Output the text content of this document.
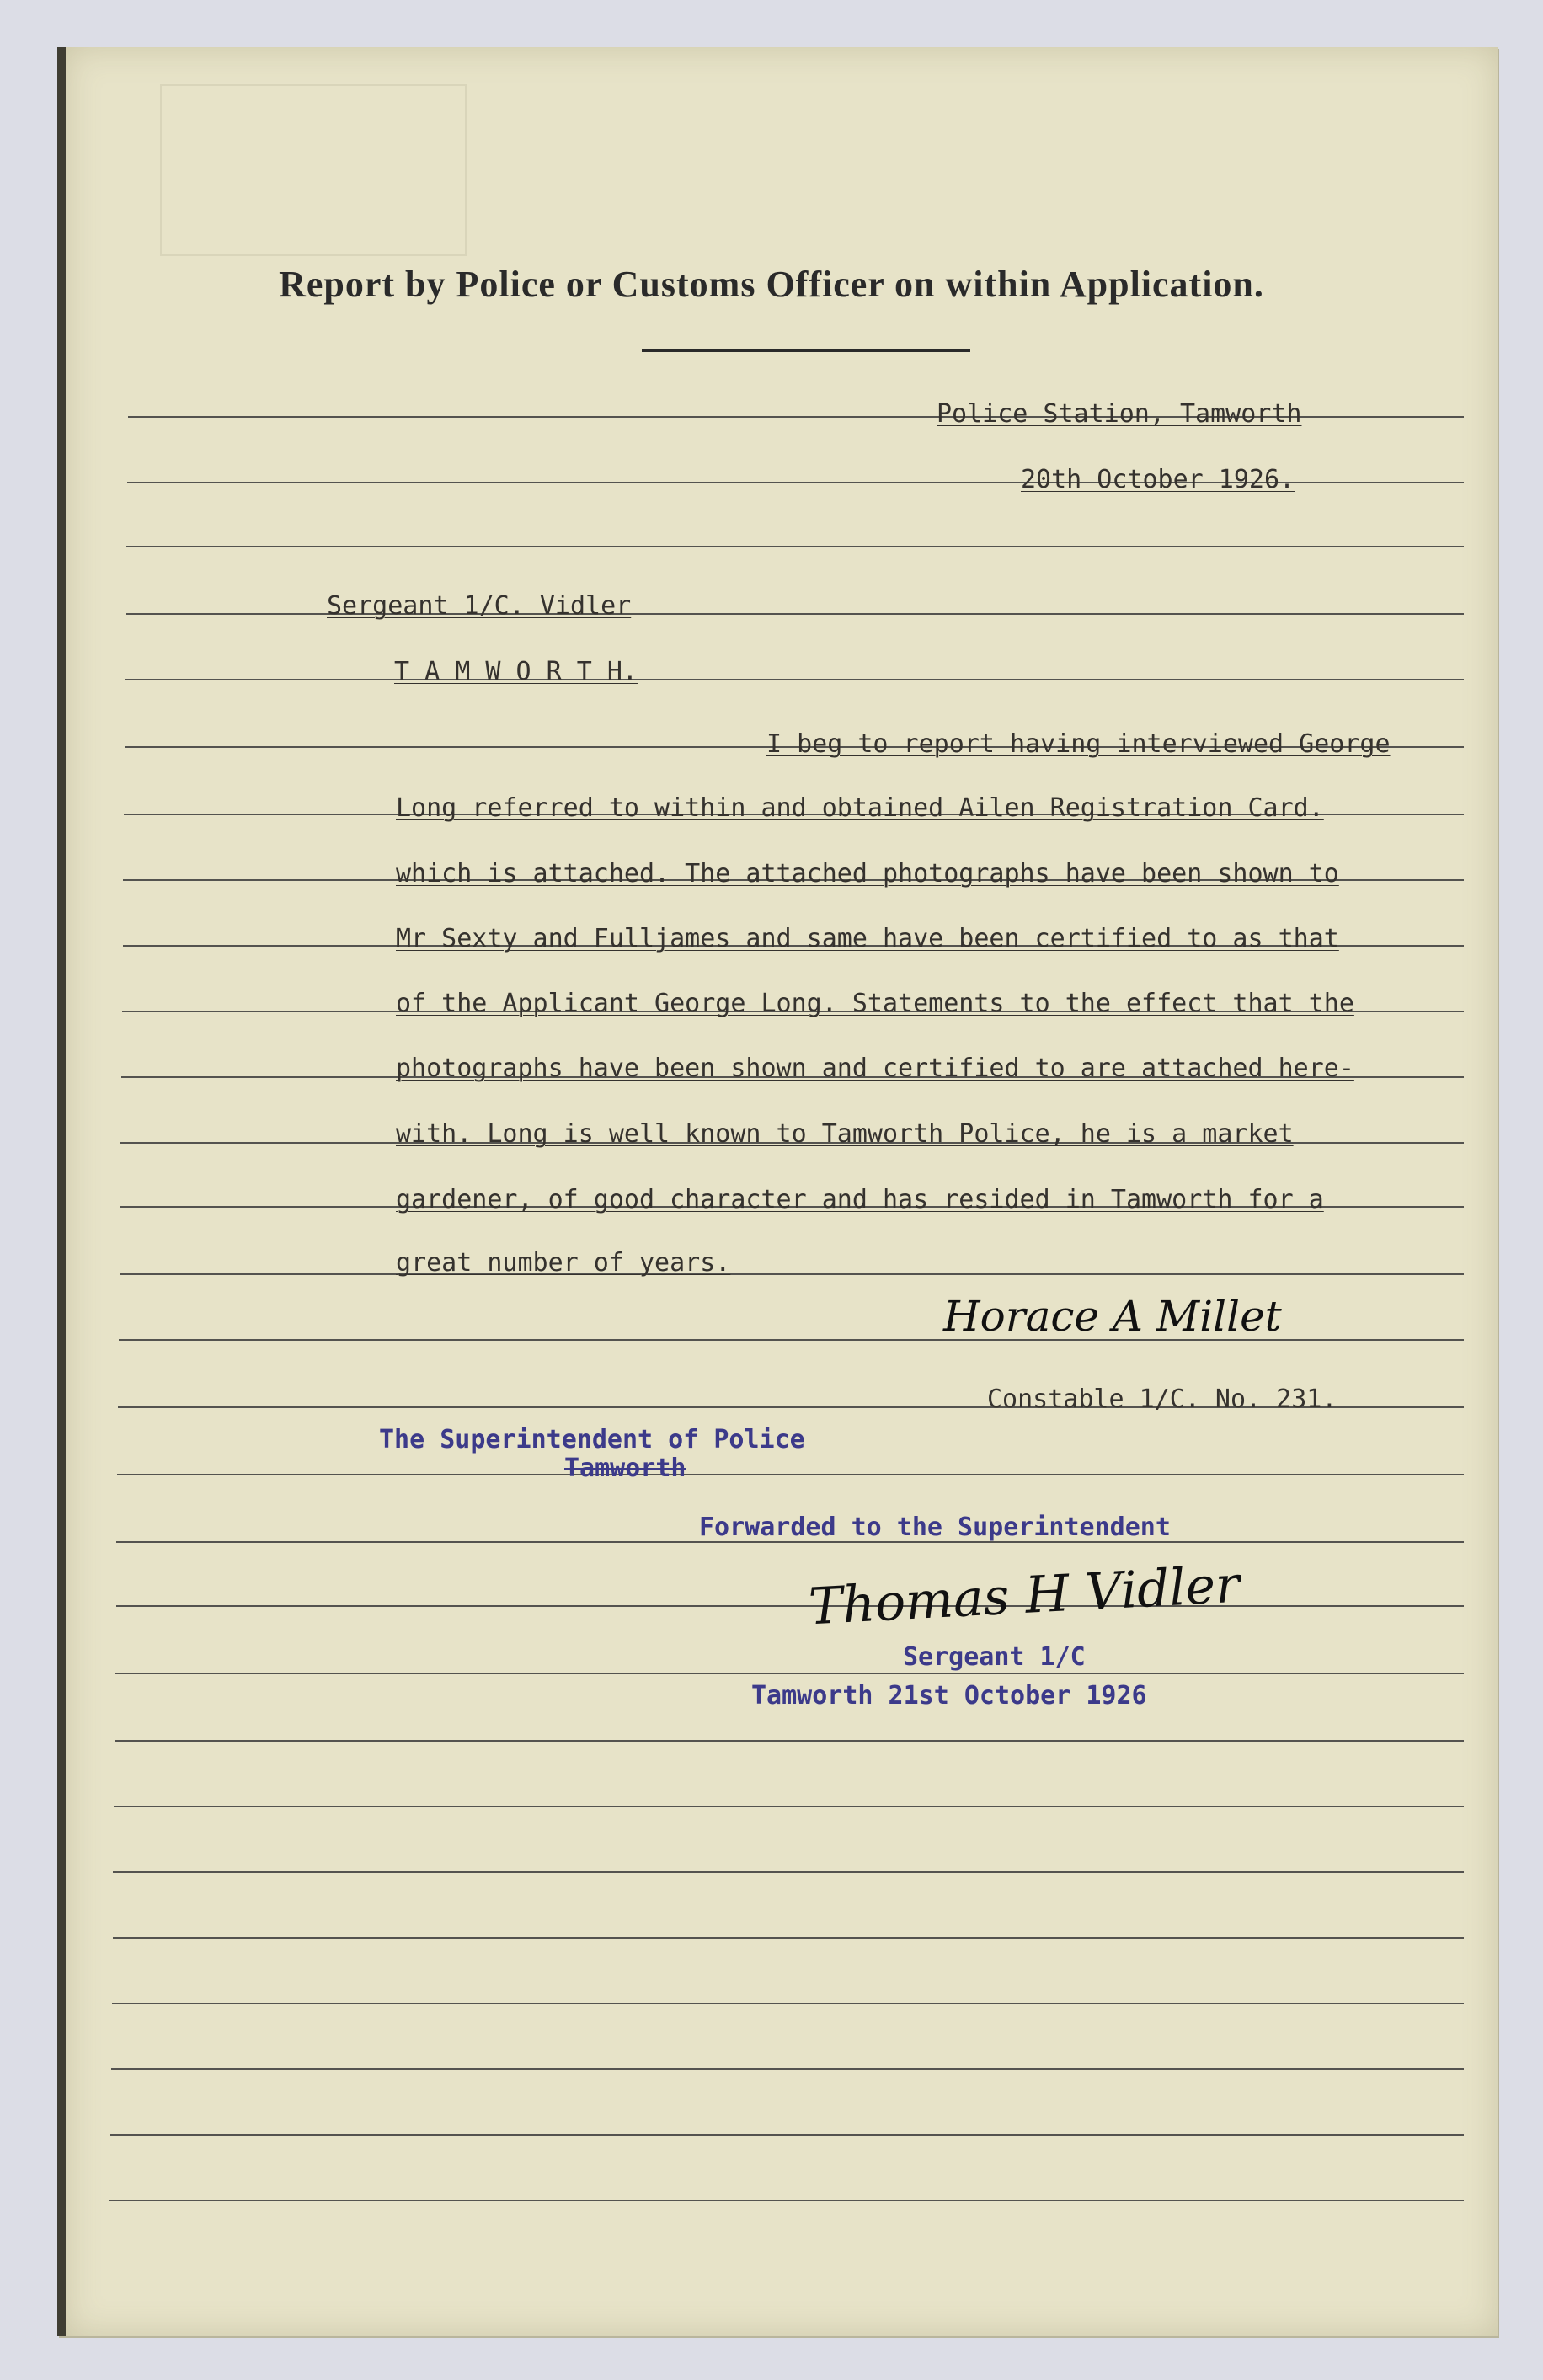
Report by Police or Customs Officer on within Application.
Police Station, Tamworth
20th October 1926.
Sergeant 1/C. Vidler
T A M W O R T H.
I beg to report having interviewed George
Long referred to within and obtained Ailen Registration Card.
which is attached. The attached photographs have been shown to
Mr Sexty and Fulljames and same have been certified to as that
of the Applicant George Long. Statements to the effect that the
photographs have been shown and certified to are attached here-
with. Long is well known to Tamworth Police, he is a market
gardener, of good character and has resided in Tamworth for a
great number of years.
Horace A Millet
Constable 1/C. No. 231.
The Superintendent of Police
Tamworth
Forwarded to the Superintendent
Thomas H Vidler
Sergeant 1/C
Tamworth 21st October 1926
